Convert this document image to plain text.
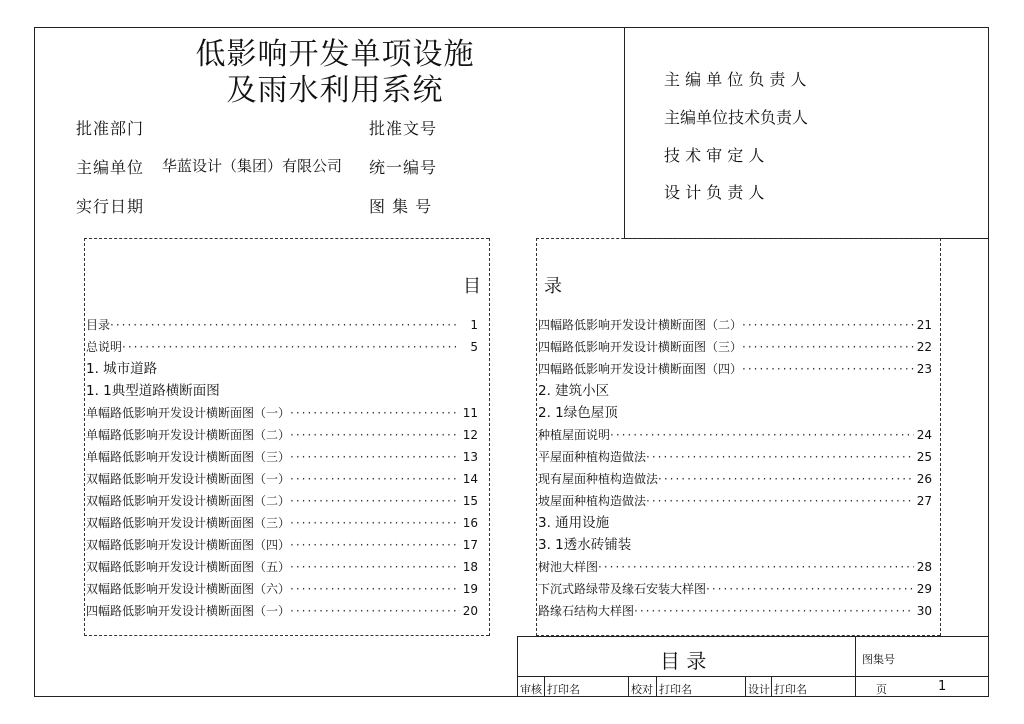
低影响开发单项设施
及雨水利用系统
批准部门	批准文号
主编单位 华蓝设计（集团）有限公司 统一编号
实行日期	图 集 号
主 编 单 位 负 责 人
主编单位技术负责人
技 术 审 定 人
设 计 负 责 人
目	录
目录 ·····	1
总说明 ·····	5
1. 城市道路
1. 1典型道路横断面图
单幅路低影响开发设计横断面图（一） ·····	11
单幅路低影响开发设计横断面图（二） ·····	12
单幅路低影响开发设计横断面图（三） ·····	13
双幅路低影响开发设计横断面图（一） ·····	14
双幅路低影响开发设计横断面图（二） ·····	15
双幅路低影响开发设计横断面图（三） ·····	16
双幅路低影响开发设计横断面图（四） ·····	17
双幅路低影响开发设计横断面图（五） ·····	18
双幅路低影响开发设计横断面图（六） ·····	19
四幅路低影响开发设计横断面图（一） ·····	20
四幅路低影响开发设计横断面图（二） ·····	21
四幅路低影响开发设计横断面图（三） ·····	22
四幅路低影响开发设计横断面图（四） ·····	23
2. 建筑小区
2. 1绿色屋顶
种植屋面说明 ·····	24
平屋面种植构造做法 ·····	25
现有屋面种植构造做法 ·····	26
坡屋面种植构造做法 ·····	27
3. 通用设施
3. 1透水砖铺装
树池大样图 ·····	28
下沉式路绿带及缘石安装大样图 ·····	29
路缘石结构大样图 ·····	30
目 录	图集号
审核 打印名	校对 打印名	设计 打印名	页	1
